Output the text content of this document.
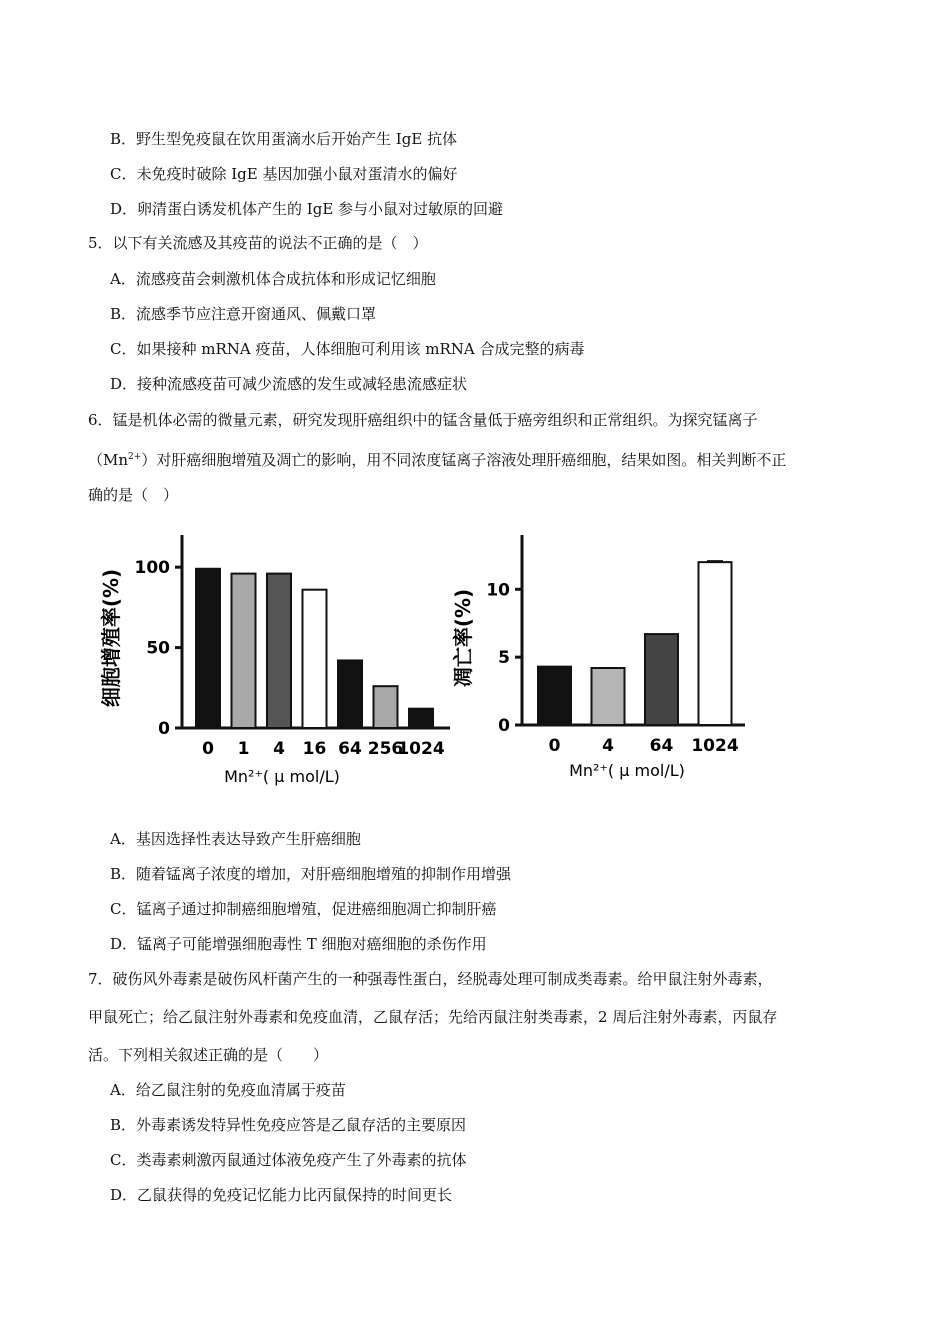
B．野生型免疫鼠在饮用蛋滴水后开始产生 IgE 抗体
C．未免疫时破除 IgE 基因加强小鼠对蛋清水的偏好
D．卵清蛋白诱发机体产生的 IgE 参与小鼠对过敏原的回避
5．以下有关流感及其疫苗的说法不正确的是（　）
A．流感疫苗会刺激机体合成抗体和形成记忆细胞
B．流感季节应注意开窗通风、佩戴口罩
C．如果接种 mRNA 疫苗，人体细胞可利用该 mRNA 合成完整的病毒
D．接种流感疫苗可减少流感的发生或减轻患流感症状
6．锰是机体必需的微量元素，研究发现肝癌组织中的锰含量低于癌旁组织和正常组织。为探究锰离子
$(Mn^{2+})$对肝癌细胞增殖及凋亡的影响，用不同浓度锰离子溶液处理肝癌细胞，结果如图。相关判断不正
确的是（　）
0
50
100
0 1 4 16 64 256
1024
细胞增殖率(%)
Mn²⁺( μ mol/L)
0
5
10
0 4 64 1024
凋亡率(%)
Mn²⁺( μ mol/L)
A．基因选择性表达导致产生肝癌细胞
B．随着锰离子浓度的增加，对肝癌细胞增殖的抑制作用增强
C．锰离子通过抑制癌细胞增殖，促进癌细胞凋亡抑制肝癌
D．锰离子可能增强细胞毒性 T 细胞对癌细胞的杀伤作用
7．破伤风外毒素是破伤风杆菌产生的一种强毒性蛋白，经脱毒处理可制成类毒素。给甲鼠注射外毒素，
甲鼠死亡；给乙鼠注射外毒素和免疫血清，乙鼠存活；先给丙鼠注射类毒素，2 周后注射外毒素，丙鼠存
活。下列相关叙述正确的是（　　）
A．给乙鼠注射的免疫血清属于疫苗
B．外毒素诱发特异性免疫应答是乙鼠存活的主要原因
C．类毒素刺激丙鼠通过体液免疫产生了外毒素的抗体
D．乙鼠获得的免疫记忆能力比丙鼠保持的时间更长
